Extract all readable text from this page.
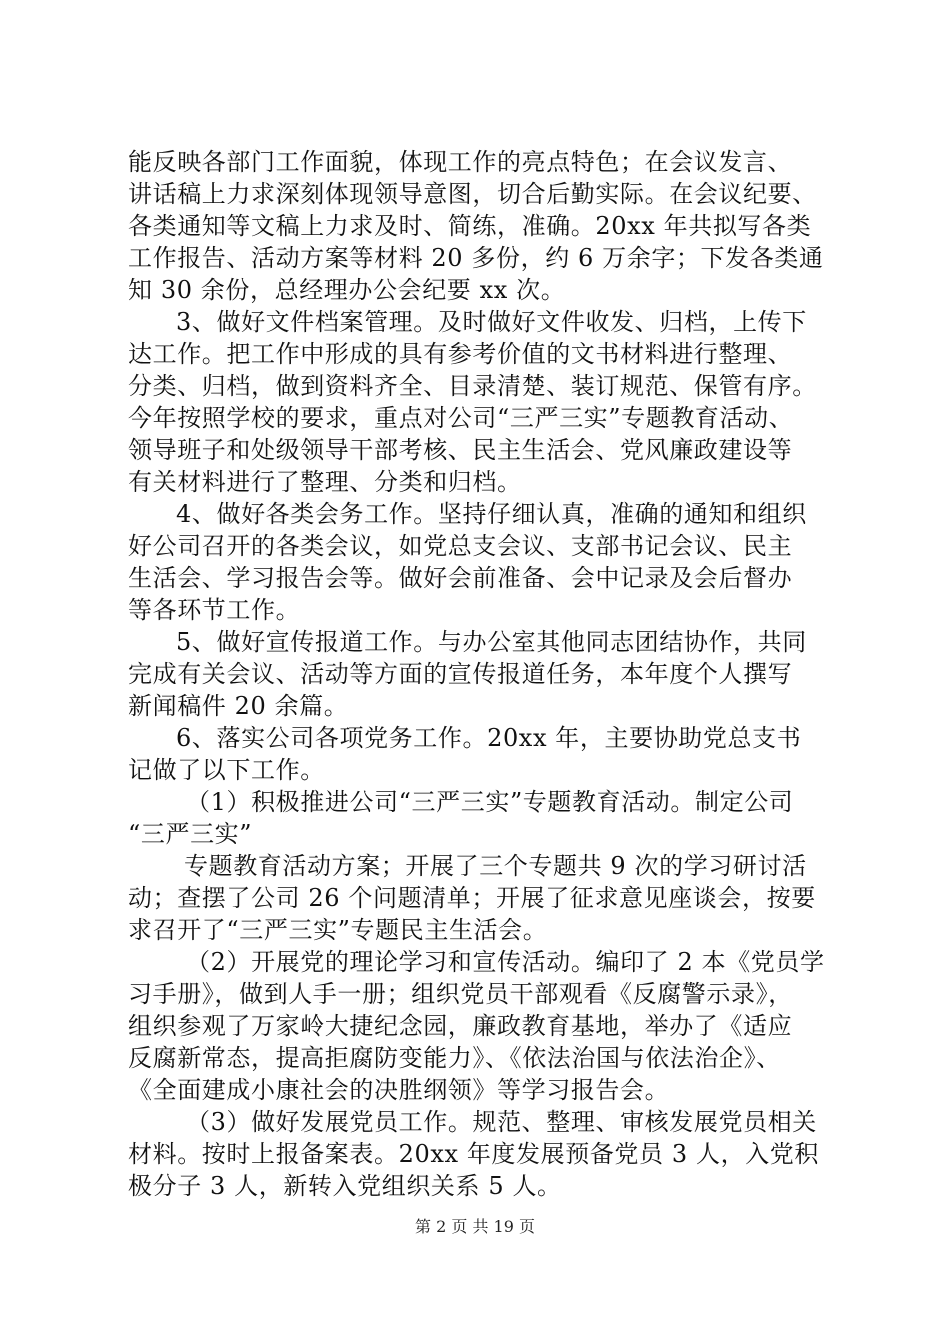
能反映各部门工作面貌，体现工作的亮点特色；在会议发言、
讲话稿上力求深刻体现领导意图，切合后勤实际。在会议纪要、
各类通知等文稿上力求及时、简练，准确。20xx 年共拟写各类
工作报告、活动方案等材料 20 多份，约 6 万余字；下发各类通
知 30 余份，总经理办公会纪要 xx 次。
3、做好文件档案管理。及时做好文件收发、归档，上传下
达工作。把工作中形成的具有参考价值的文书材料进行整理、
分类、归档，做到资料齐全、目录清楚、装订规范、保管有序。
今年按照学校的要求，重点对公司“三严三实”专题教育活动、
领导班子和处级领导干部考核、民主生活会、党风廉政建设等
有关材料进行了整理、分类和归档。
4、做好各类会务工作。坚持仔细认真，准确的通知和组织
好公司召开的各类会议，如党总支会议、支部书记会议、民主
生活会、学习报告会等。做好会前准备、会中记录及会后督办
等各环节工作。
5、做好宣传报道工作。与办公室其他同志团结协作，共同
完成有关会议、活动等方面的宣传报道任务，本年度个人撰写
新闻稿件 20 余篇。
6、落实公司各项党务工作。20xx 年，主要协助党总支书
记做了以下工作。
（1）积极推进公司“三严三实”专题教育活动。制定公司
“三严三实”
专题教育活动方案；开展了三个专题共 9 次的学习研讨活
动；查摆了公司 26 个问题清单；开展了征求意见座谈会，按要
求召开了“三严三实”专题民主生活会。
（2）开展党的理论学习和宣传活动。编印了 2 本《党员学
习手册》，做到人手一册；组织党员干部观看《反腐警示录》，
组织参观了万家岭大捷纪念园，廉政教育基地，举办了《适应
反腐新常态，提高拒腐防变能力》、《依法治国与依法治企》、
《全面建成小康社会的决胜纲领》等学习报告会。
（3）做好发展党员工作。规范、整理、审核发展党员相关
材料。按时上报备案表。20xx 年度发展预备党员 3 人，入党积
极分子 3 人，新转入党组织关系 5 人。
第 2 页 共 19 页
